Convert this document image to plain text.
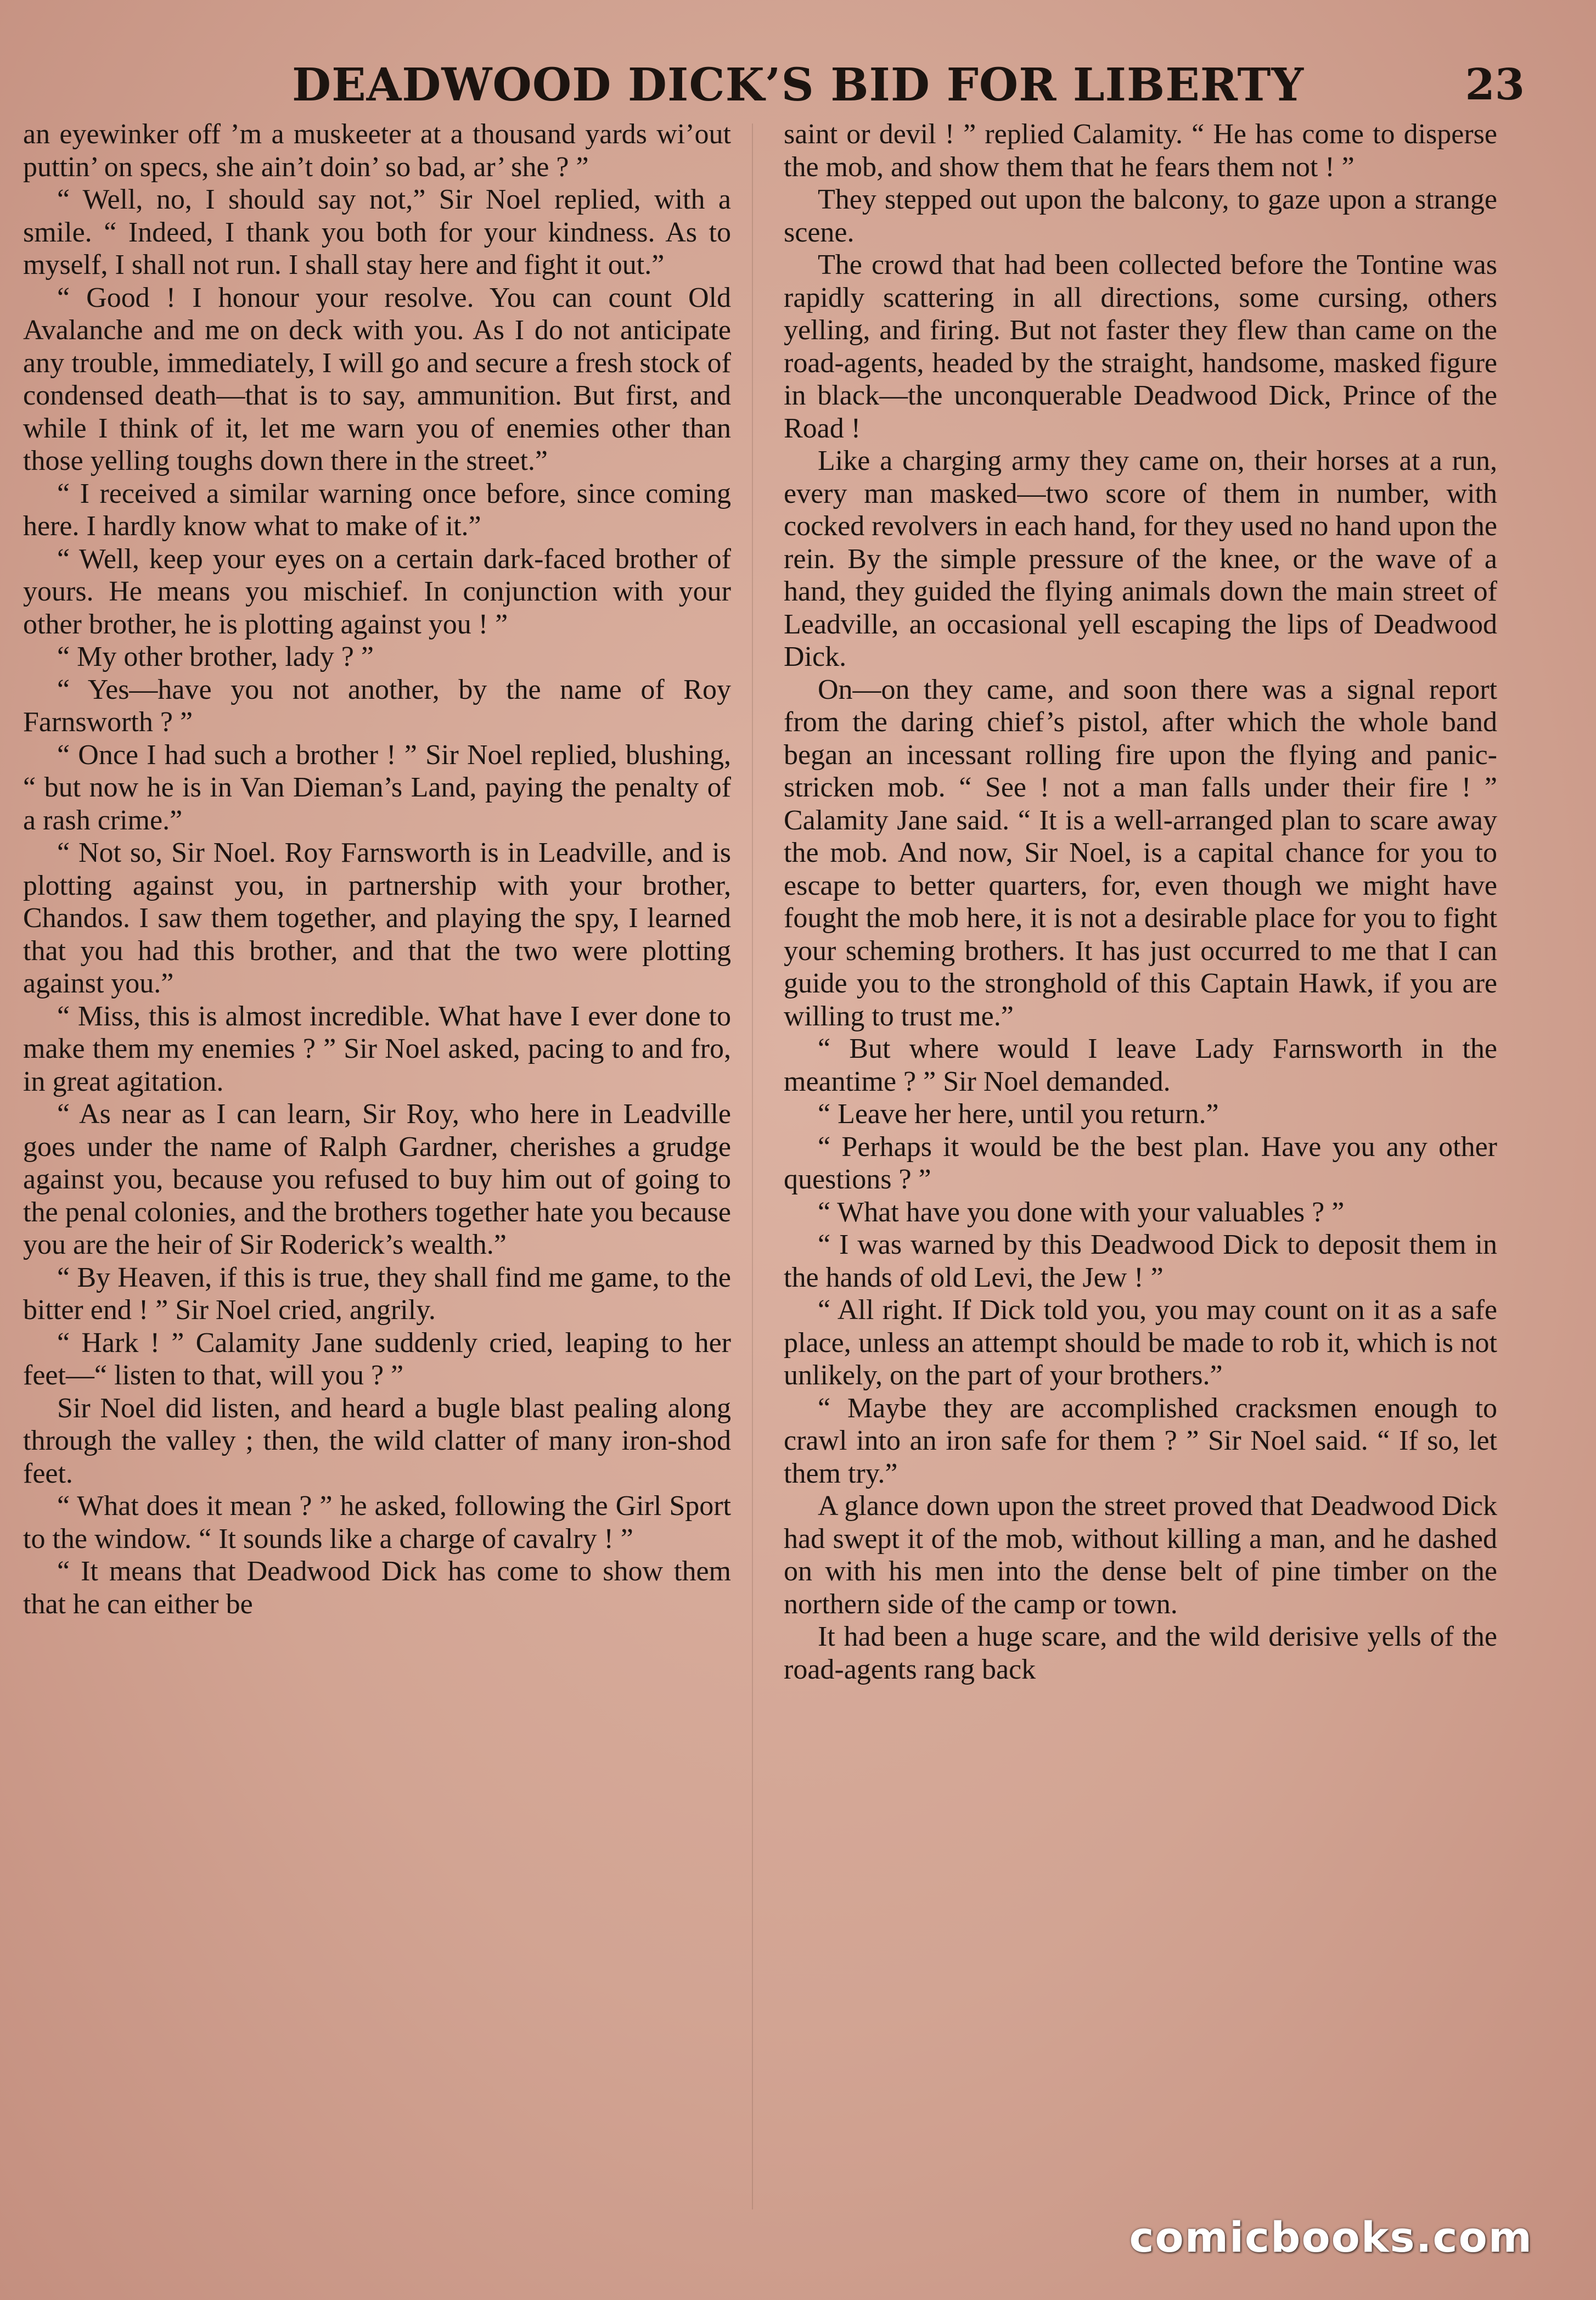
DEADWOOD DICK’S BID FOR LIBERTY	23

an eyewinker off ’m a muskeeter at a thousand yards wi’out puttin’ on specs, she ain’t doin’ so bad, ar’ she ? ”

“ Well, no, I should say not,” Sir Noel replied, with a smile. “ Indeed, I thank you both for your kindness. As to myself, I shall not run. I shall stay here and fight it out.”

“ Good ! I honour your resolve. You can count Old Avalanche and me on deck with you. As I do not anticipate any trouble, immediately, I will go and secure a fresh stock of condensed death—that is to say, ammunition. But first, and while I think of it, let me warn you of enemies other than those yelling toughs down there in the street.”

“ I received a similar warning once before, since coming here. I hardly know what to make of it.”

“ Well, keep your eyes on a certain dark-faced brother of yours. He means you mischief. In conjunction with your other brother, he is plotting against you ! ”

“ My other brother, lady ? ”

“ Yes—have you not another, by the name of Roy Farnsworth ? ”

“ Once I had such a brother ! ” Sir Noel replied, blushing, “ but now he is in Van Dieman’s Land, paying the penalty of a rash crime.”

“ Not so, Sir Noel. Roy Farnsworth is in Leadville, and is plotting against you, in partnership with your brother, Chandos. I saw them together, and playing the spy, I learned that you had this brother, and that the two were plotting against you.”

“ Miss, this is almost incredible. What have I ever done to make them my enemies ? ” Sir Noel asked, pacing to and fro, in great agitation.

“ As near as I can learn, Sir Roy, who here in Leadville goes under the name of Ralph Gardner, cherishes a grudge against you, because you refused to buy him out of going to the penal colonies, and the brothers together hate you because you are the heir of Sir Roderick’s wealth.”

“ By Heaven, if this is true, they shall find me game, to the bitter end ! ” Sir Noel cried, angrily.

“ Hark ! ” Calamity Jane suddenly cried, leaping to her feet—“ listen to that, will you ? ”

Sir Noel did listen, and heard a bugle blast pealing along through the valley ; then, the wild clatter of many iron-shod feet.

“ What does it mean ? ” he asked, following the Girl Sport to the window. “ It sounds like a charge of cavalry ! ”

“ It means that Deadwood Dick has come to show them that he can either be

saint or devil ! ” replied Calamity. “ He has come to disperse the mob, and show them that he fears them not ! ”

They stepped out upon the balcony, to gaze upon a strange scene.

The crowd that had been collected before the Tontine was rapidly scattering in all directions, some cursing, others yelling, and firing. But not faster they flew than came on the road-agents, headed by the straight, handsome, masked figure in black—the unconquerable Deadwood Dick, Prince of the Road !

Like a charging army they came on, their horses at a run, every man masked—two score of them in number, with cocked revolvers in each hand, for they used no hand upon the rein. By the simple pressure of the knee, or the wave of a hand, they guided the flying animals down the main street of Leadville, an occasional yell escaping the lips of Deadwood Dick.

On—on they came, and soon there was a signal report from the daring chief’s pistol, after which the whole band began an incessant rolling fire upon the flying and panic-stricken mob. “ See ! not a man falls under their fire ! ” Calamity Jane said. “ It is a well-arranged plan to scare away the mob. And now, Sir Noel, is a capital chance for you to escape to better quarters, for, even though we might have fought the mob here, it is not a desirable place for you to fight your scheming brothers. It has just occurred to me that I can guide you to the stronghold of this Captain Hawk, if you are willing to trust me.”

“ But where would I leave Lady Farnsworth in the meantime ? ” Sir Noel demanded.

“ Leave her here, until you return.”

“ Perhaps it would be the best plan. Have you any other questions ? ”

“ What have you done with your valuables ? ”

“ I was warned by this Deadwood Dick to deposit them in the hands of old Levi, the Jew ! ”

“ All right. If Dick told you, you may count on it as a safe place, unless an attempt should be made to rob it, which is not unlikely, on the part of your brothers.”

“ Maybe they are accomplished cracksmen enough to crawl into an iron safe for them ? ” Sir Noel said. “ If so, let them try.”

A glance down upon the street proved that Deadwood Dick had swept it of the mob, without killing a man, and he dashed on with his men into the dense belt of pine timber on the northern side of the camp or town.

It had been a huge scare, and the wild derisive yells of the road-agents rang back

comicbooks.com
